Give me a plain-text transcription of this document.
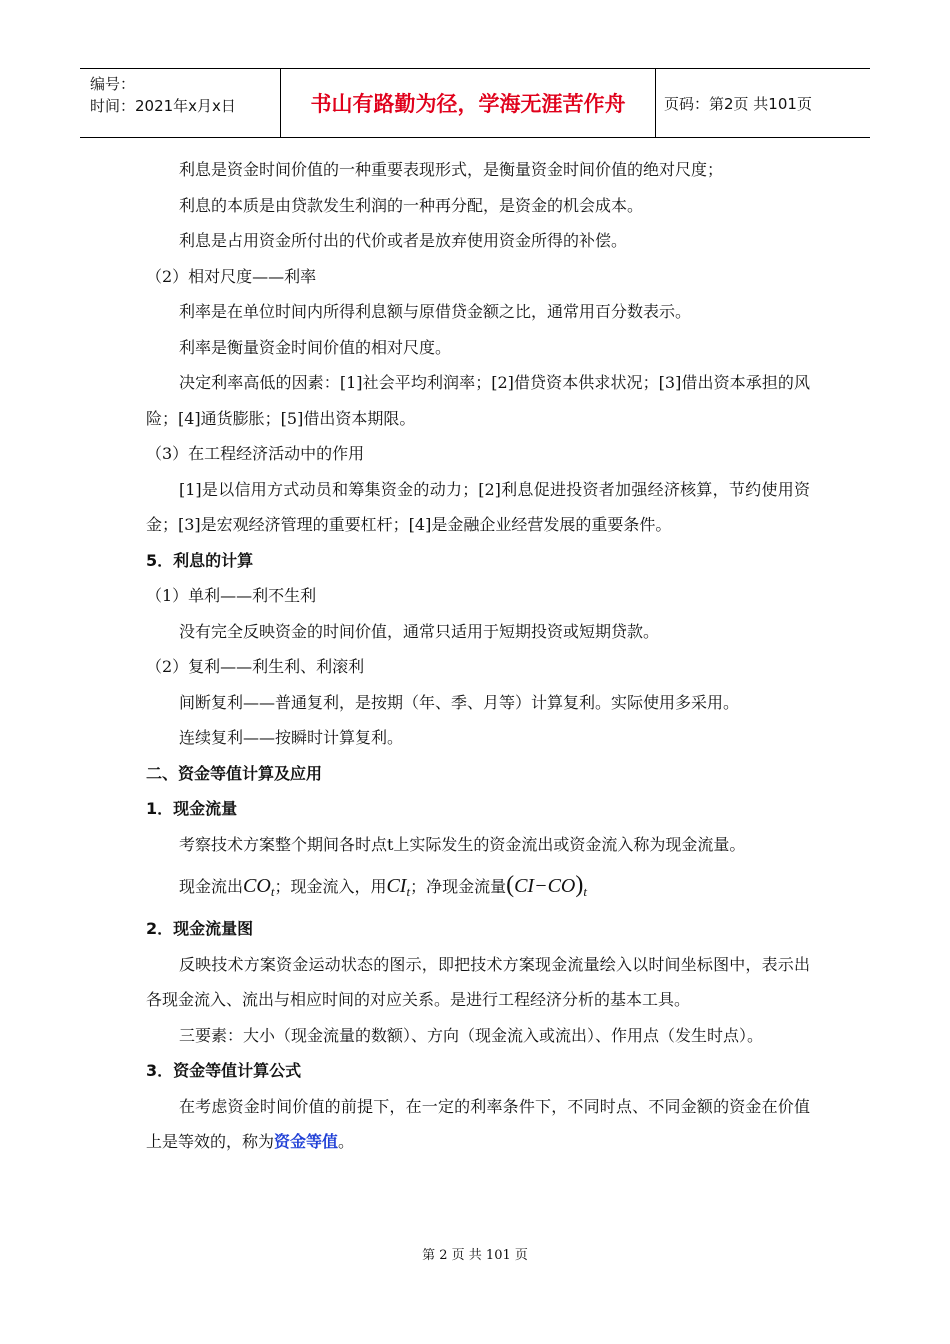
编号：
时间：2021年x月x日	书山有路勤为径，学海无涯苦作舟	页码：第2页 共101页

利息是资金时间价值的一种重要表现形式，是衡量资金时间价值的绝对尺度；

利息的本质是由贷款发生利润的一种再分配，是资金的机会成本。

利息是占用资金所付出的代价或者是放弃使用资金所得的补偿。

（2）相对尺度——利率

利率是在单位时间内所得利息额与原借贷金额之比，通常用百分数表示。

利率是衡量资金时间价值的相对尺度。

决定利率高低的因素：[1]社会平均利润率；[2]借贷资本供求状况；[3]借出资本承担的风险；[4]通货膨胀；[5]借出资本期限。

（3）在工程经济活动中的作用

[1]是以信用方式动员和筹集资金的动力；[2]利息促进投资者加强经济核算，节约使用资金；[3]是宏观经济管理的重要杠杆；[4]是金融企业经营发展的重要条件。

5．利息的计算

（1）单利——利不生利

没有完全反映资金的时间价值，通常只适用于短期投资或短期贷款。

（2）复利——利生利、利滚利

间断复利——普通复利，是按期（年、季、月等）计算复利。实际使用多采用。

连续复利——按瞬时计算复利。

二、资金等值计算及应用

1．现金流量

考察技术方案整个期间各时点t上实际发生的资金流出或资金流入称为现金流量。

现金流出$CO_t$；现金流入，用$CI_t$；净现金流量$(CI-CO)_t$

2．现金流量图

反映技术方案资金运动状态的图示，即把技术方案现金流量绘入以时间坐标图中，表示出各现金流入、流出与相应时间的对应关系。是进行工程经济分析的基本工具。

三要素：大小（现金流量的数额）、方向（现金流入或流出）、作用点（发生时点）。

3．资金等值计算公式

在考虑资金时间价值的前提下，在一定的利率条件下，不同时点、不同金额的资金在价值上是等效的，称为资金等值。

第 2 页 共 101 页
